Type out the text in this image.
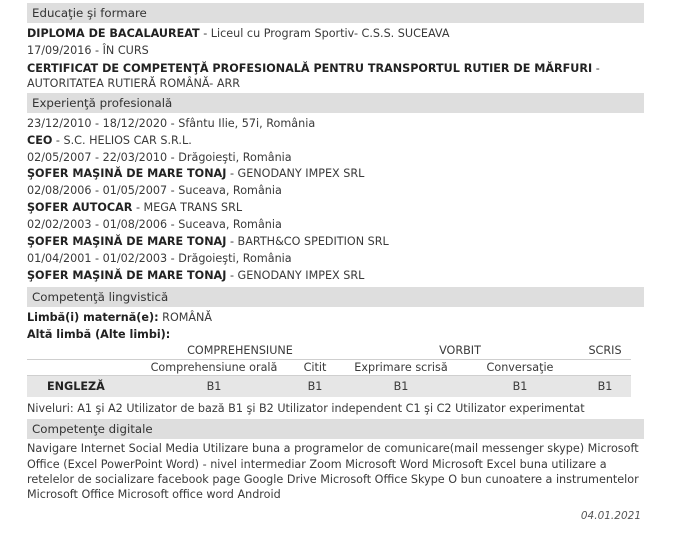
Educaţie şi formare
DIPLOMA DE BACALAUREAT - Liceul cu Program Sportiv- C.S.S. SUCEAVA
17/09/2016 - ÎN CURS
CERTIFICAT DE COMPETENŢĂ PROFESIONALĂ PENTRU TRANSPORTUL RUTIER DE MĂRFURI - AUTORITATEA RUTIERĂ ROMÂNĂ- ARR
Experienţă profesională
23/12/2010 - 18/12/2020 - Sfântu Ilie, 57i, România
CEO - S.C. HELIOS CAR S.R.L.
02/05/2007 - 22/03/2010 - Drăgoieşti, România
ŞOFER MAŞINĂ DE MARE TONAJ - GENODANY IMPEX SRL
02/08/2006 - 01/05/2007 - Suceava, România
ŞOFER AUTOCAR - MEGA TRANS SRL
02/02/2003 - 01/08/2006 - Suceava, România
ŞOFER MAŞINĂ DE MARE TONAJ - BARTH&CO SPEDITION SRL
01/04/2001 - 01/02/2003 - Drăgoieşti, România
ŞOFER MAŞINĂ DE MARE TONAJ - GENODANY IMPEX SRL
Competenţă lingvistică
Limbă(i) maternă(e): ROMÂNĂ
Altă limbă (Alte limbi):
	COMPREHENSIUNE		VORBIT		SCRIS
	Comprehensiune orală	Citit	Exprimare scrisă	Conversaţie	
ENGLEZĂ	B1	B1	B1	B1	B1
Niveluri: A1 şi A2 Utilizator de bază B1 şi B2 Utilizator independent C1 şi C2 Utilizator experimentat
Competenţe digitale
Navigare Internet Social Media Utilizare buna a programelor de comunicare(mail messenger skype) Microsoft Office (Excel PowerPoint Word) - nivel intermediar Zoom Microsoft Word Microsoft Excel buna utilizare a retelelor de socializare facebook page Google Drive Microsoft Office Skype O bun cunoatere a instrumentelor Microsoft Office Microsoft office word Android
04.01.2021
